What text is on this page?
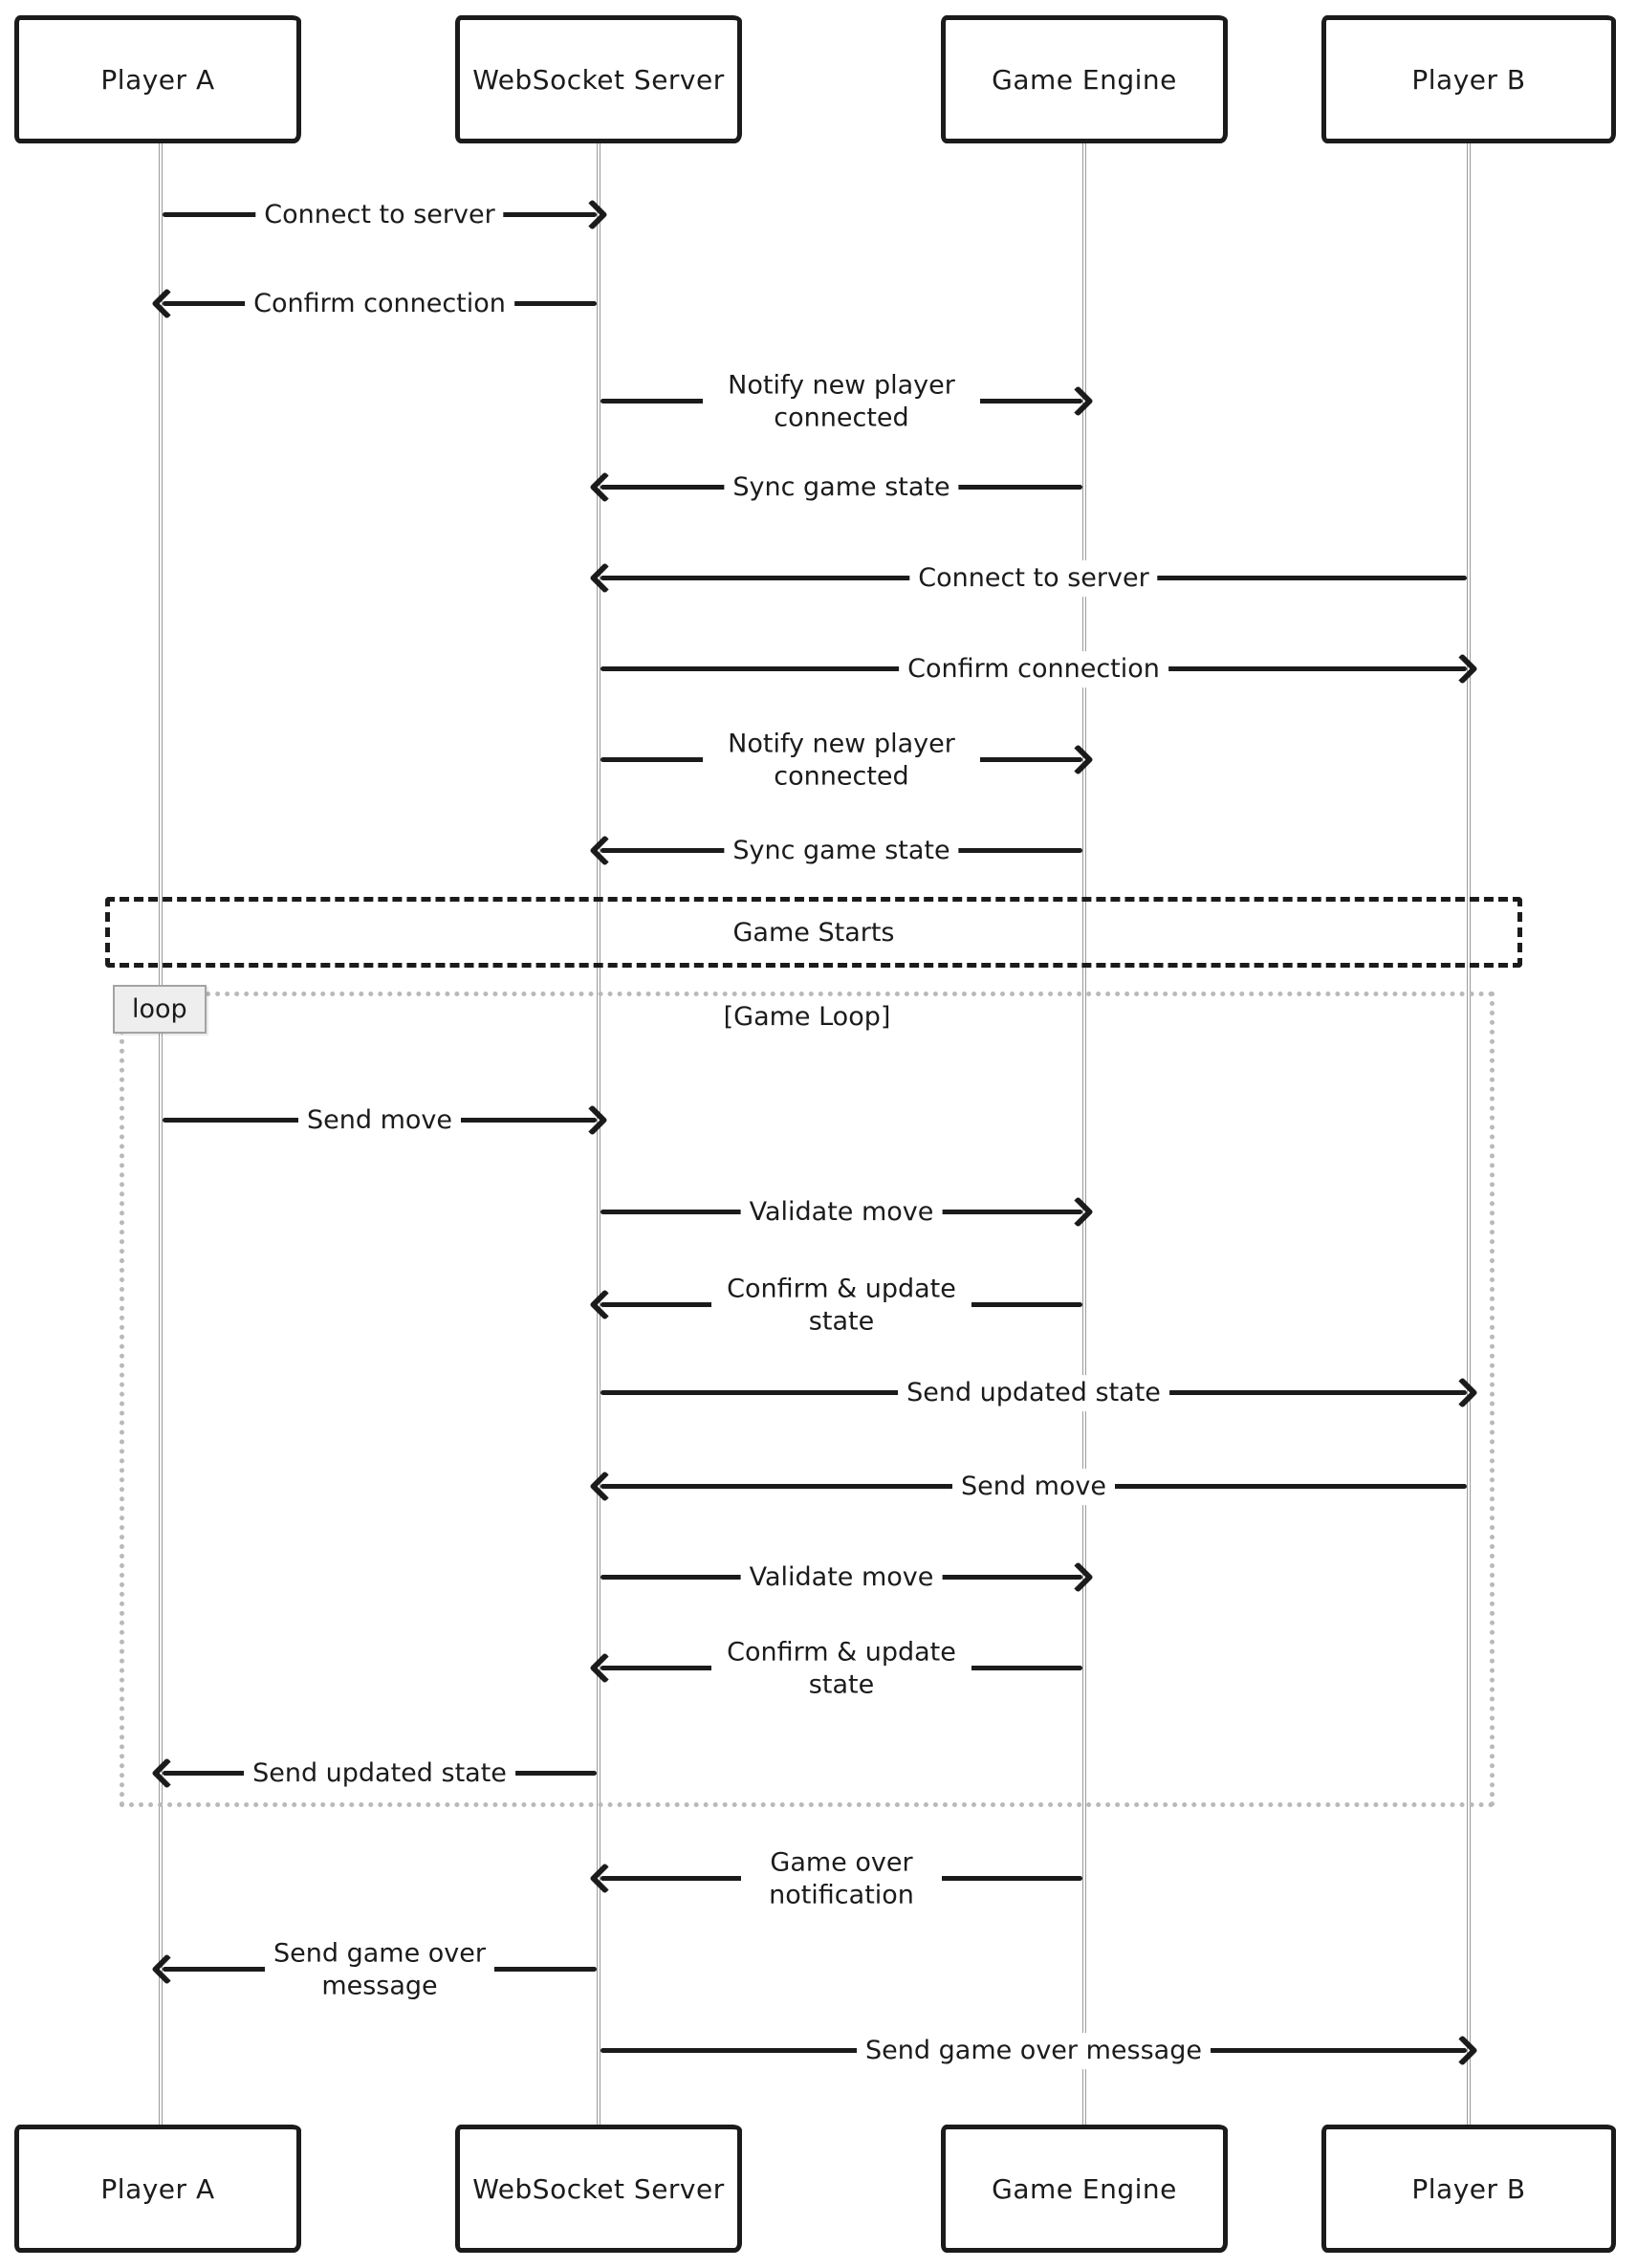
Player A	WebSocket Server	Game Engine	Player B
Game Starts
loop	[Game Loop]
Connect to server
Confirm connection
Notify new player connected
Sync game state
Connect to server
Confirm connection
Notify new player connected
Sync game state
Send move
Validate move
Confirm & update state
Send updated state
Send move
Validate move
Confirm & update state
Send updated state
Game over notification
Send game over message
Send game over message
Player A	WebSocket Server	Game Engine	Player B
